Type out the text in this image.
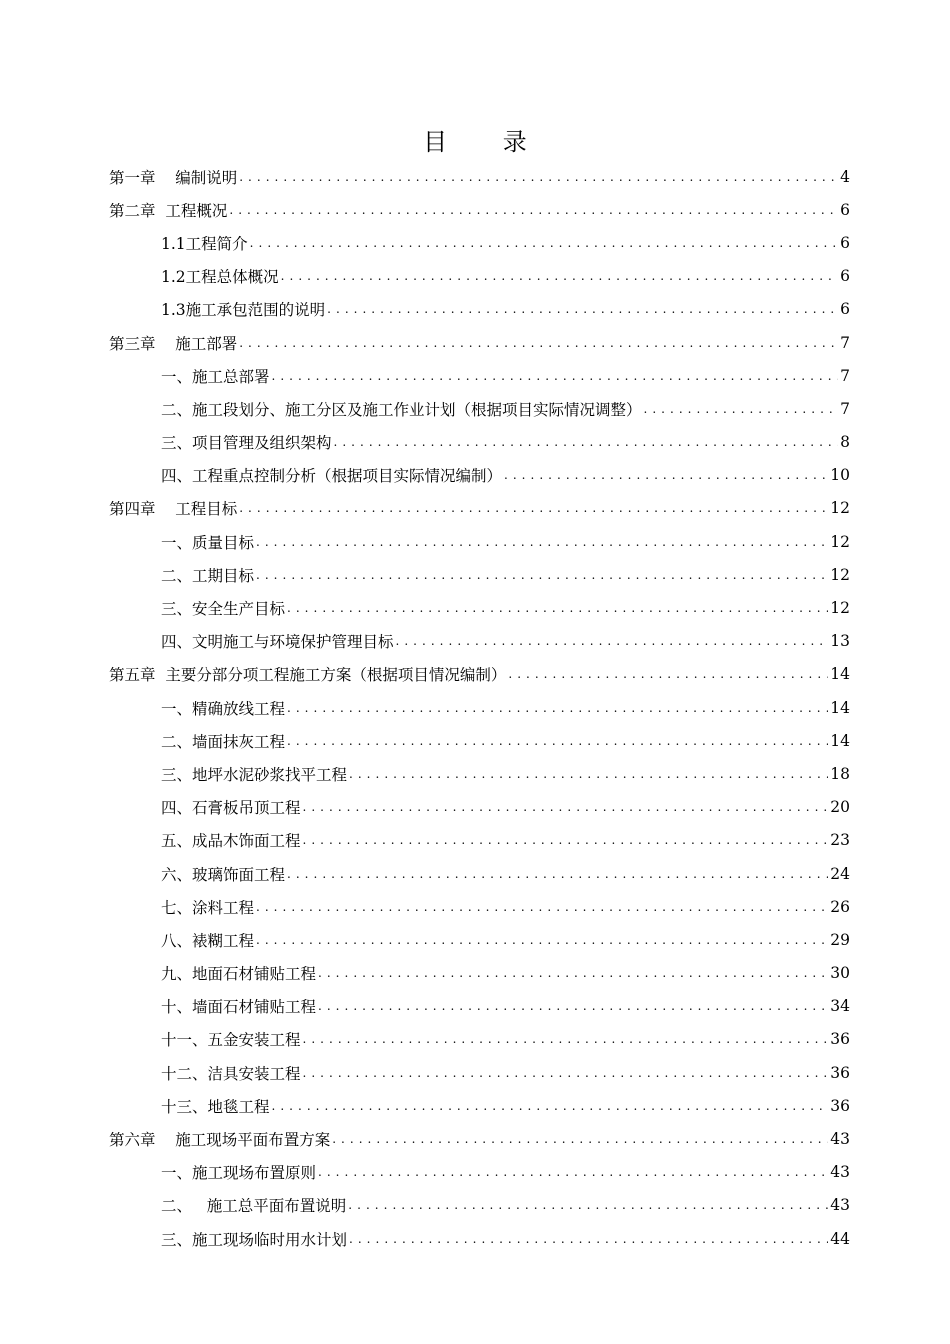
目 录
第一章    编制说明 . . .	4
第二章  工程概况 . . .	6
1.1工程简介 . . .	6
1.2工程总体概况 . . .	6
1.3施工承包范围的说明 . . .	6
第三章    施工部署 . . .	7
一、施工总部署 . . .	7
二、施工段划分、施工分区及施工作业计划（根据项目实际情况调整） . . .	7
三、项目管理及组织架构 . . .	8
四、工程重点控制分析（根据项目实际情况编制） . . .	10
第四章    工程目标 . . .	12
一、质量目标 . . .	12
二、工期目标 . . .	12
三、安全生产目标 . . .	12
四、文明施工与环境保护管理目标 . . .	13
第五章  主要分部分项工程施工方案（根据项目情况编制） . . .	14
一、精确放线工程 . . .	14
二、墙面抹灰工程 . . .	14
三、地坪水泥砂浆找平工程 . . .	18
四、石膏板吊顶工程 . . .	20
五、成品木饰面工程 . . .	23
六、玻璃饰面工程 . . .	24
七、涂料工程 . . .	26
八、裱糊工程 . . .	29
九、地面石材铺贴工程 . . .	30
十、墙面石材铺贴工程 . . .	34
十一、五金安装工程 . . .	36
十二、洁具安装工程 . . .	36
十三、地毯工程 . . .	36
第六章    施工现场平面布置方案 . . .	43
一、施工现场布置原则 . . .	43
二、   施工总平面布置说明 . . .	43
三、施工现场临时用水计划 . . .	44
